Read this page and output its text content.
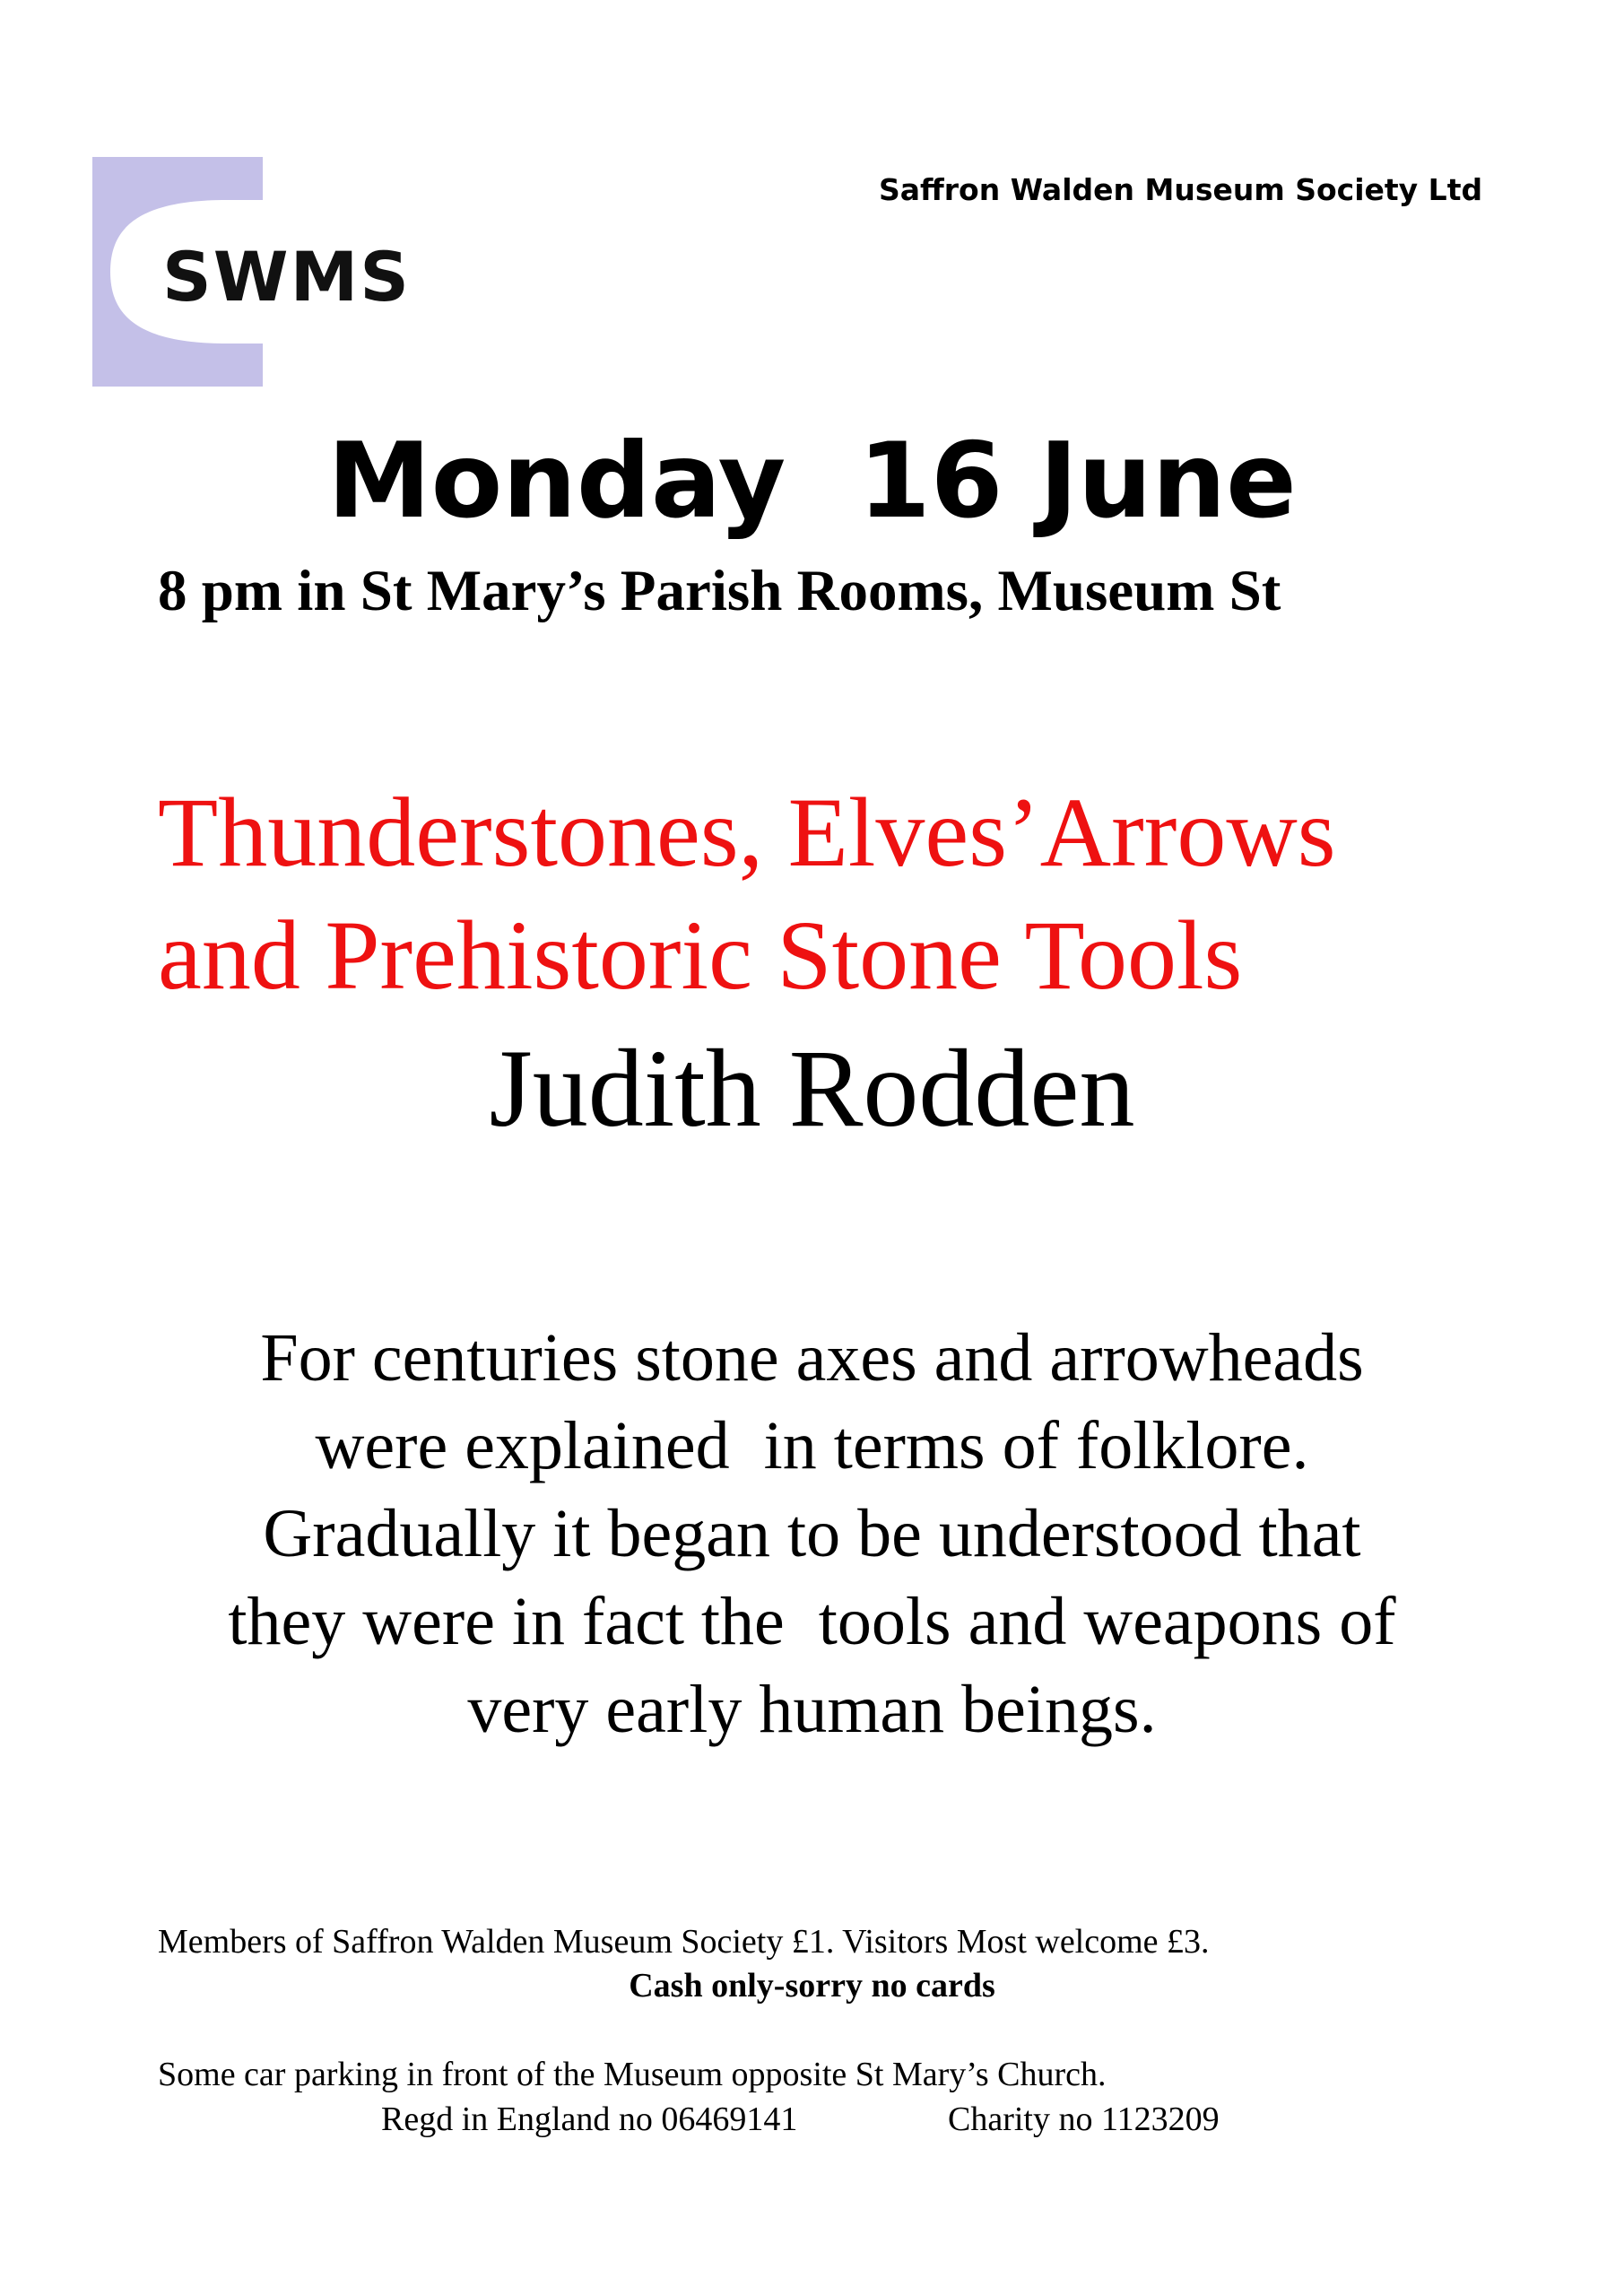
SWMS
Saffron Walden Museum Society Ltd
Monday  16 June
8 pm in St Mary’s Parish Rooms, Museum St
Thunderstones, Elves’Arrows
and Prehistoric Stone Tools
Judith Rodden
For centuries stone axes and arrowheads
were explained  in terms of folklore.
Gradually it began to be understood that
they were in fact the  tools and weapons of
very early human beings.
Members of Saffron Walden Museum Society £1. Visitors Most welcome £3.
Cash only-sorry no cards
Some car parking in front of the Museum opposite St Mary’s Church.
Regd in England no 06469141	Charity no 1123209
